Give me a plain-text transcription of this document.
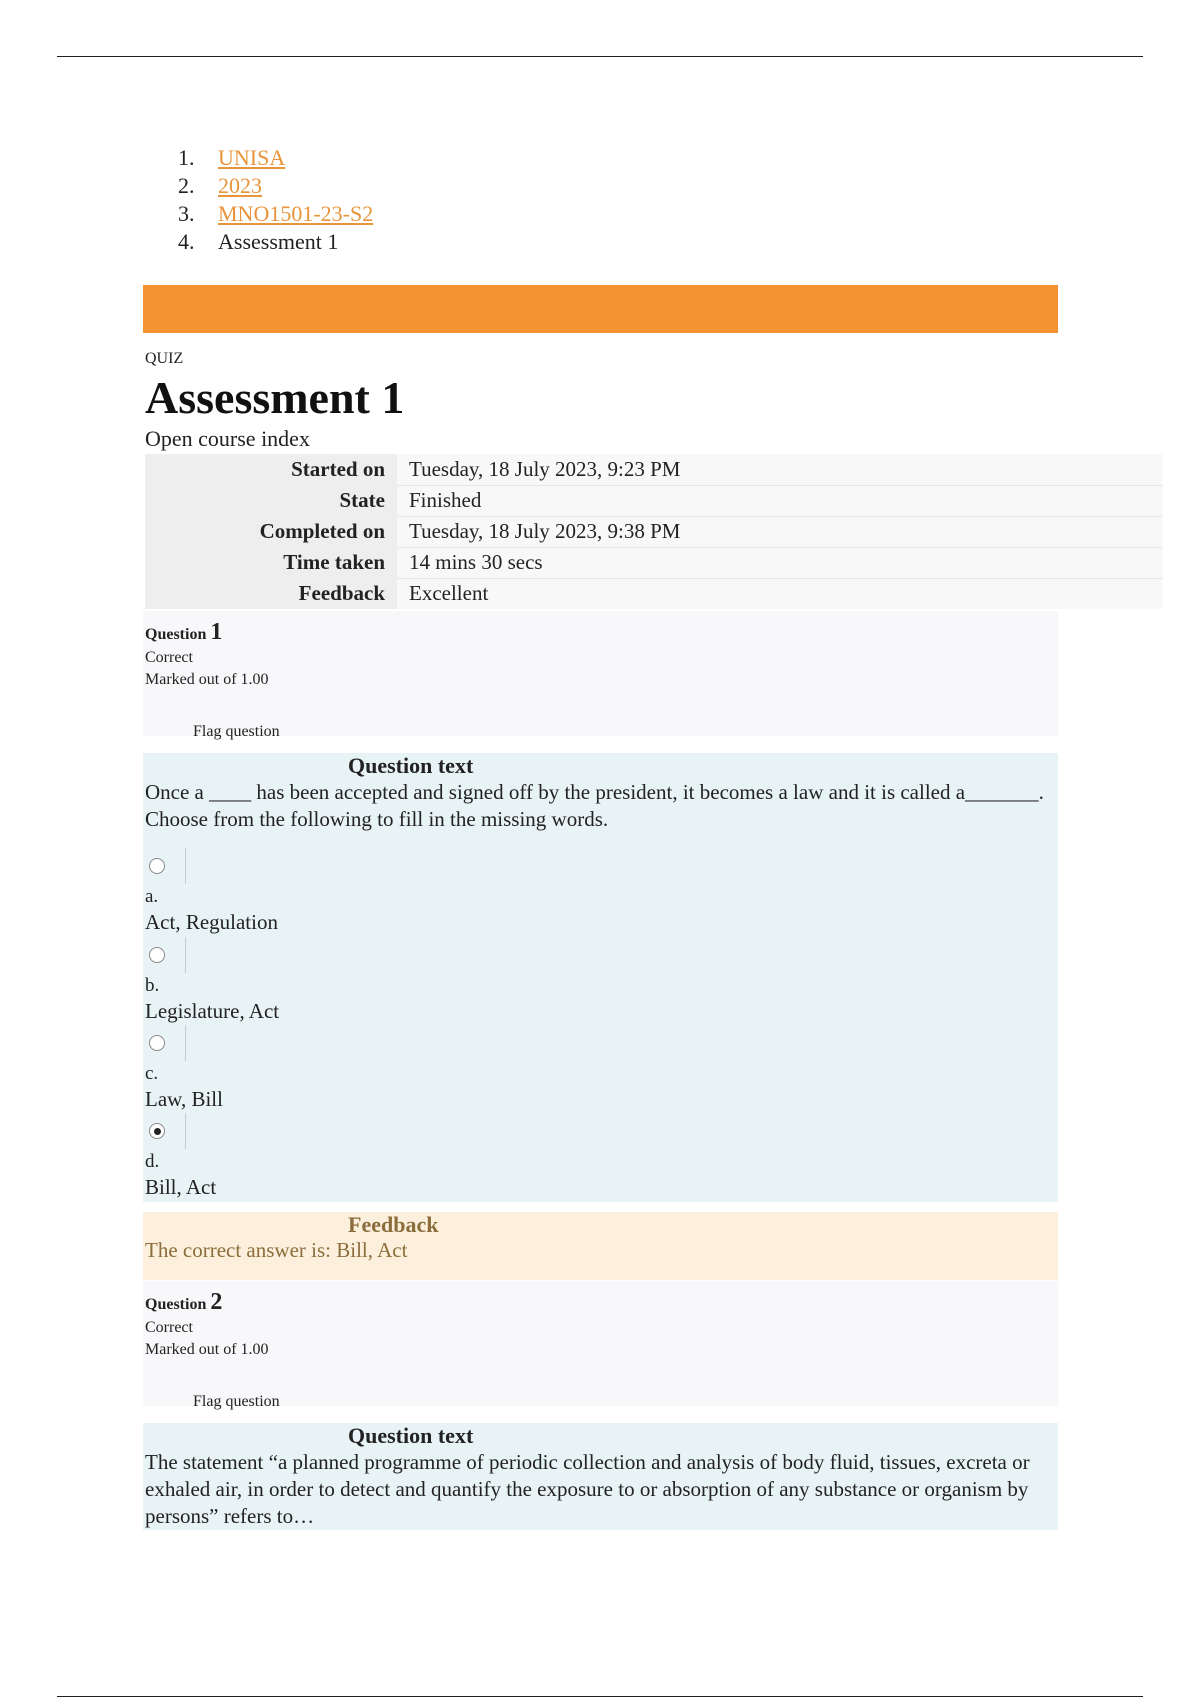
1.	UNISA
2.	2023
3.	MNO1501-23-S2
4.	Assessment 1
QUIZ
Assessment 1
Open course index
Started on	Tuesday, 18 July 2023, 9:23 PM
State	Finished
Completed on	Tuesday, 18 July 2023, 9:38 PM
Time taken	14 mins 30 secs
Feedback	Excellent
Question 1
Correct
Marked out of 1.00
Flag question
Question text
Once a ____ has been accepted and signed off by the president, it becomes a law and it is called a_______. Choose from the following to fill in the missing words.
a.
Act, Regulation
b.
Legislature, Act
c.
Law, Bill
d.
Bill, Act
Feedback
The correct answer is: Bill, Act
Question 2
Correct
Marked out of 1.00
Flag question
Question text
The statement “a planned programme of periodic collection and analysis of body fluid, tissues, excreta or exhaled air, in order to detect and quantify the exposure to or absorption of any substance or organism by persons” refers to…
